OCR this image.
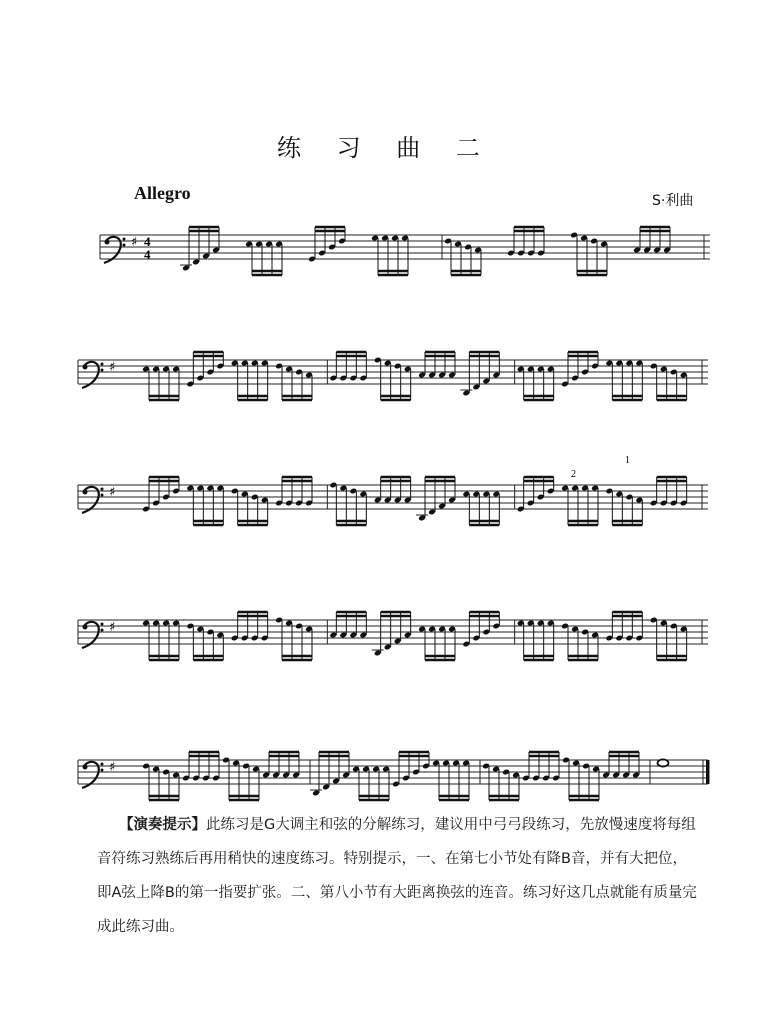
练 习 曲 二
Allegro	S·利曲
♯ 4
4
♯
♯
2
1
♯
♯

【演奏提示】此练习是G大调主和弦的分解练习，建议用中弓弓段练习，先放慢速度将每组音符练习熟练后再用稍快的速度练习。特别提示，一、在第七小节处有降B音，并有大把位，即A弦上降B的第一指要扩张。二、第八小节有大距离换弦的连音。练习好这几点就能有质量完成此练习曲。
